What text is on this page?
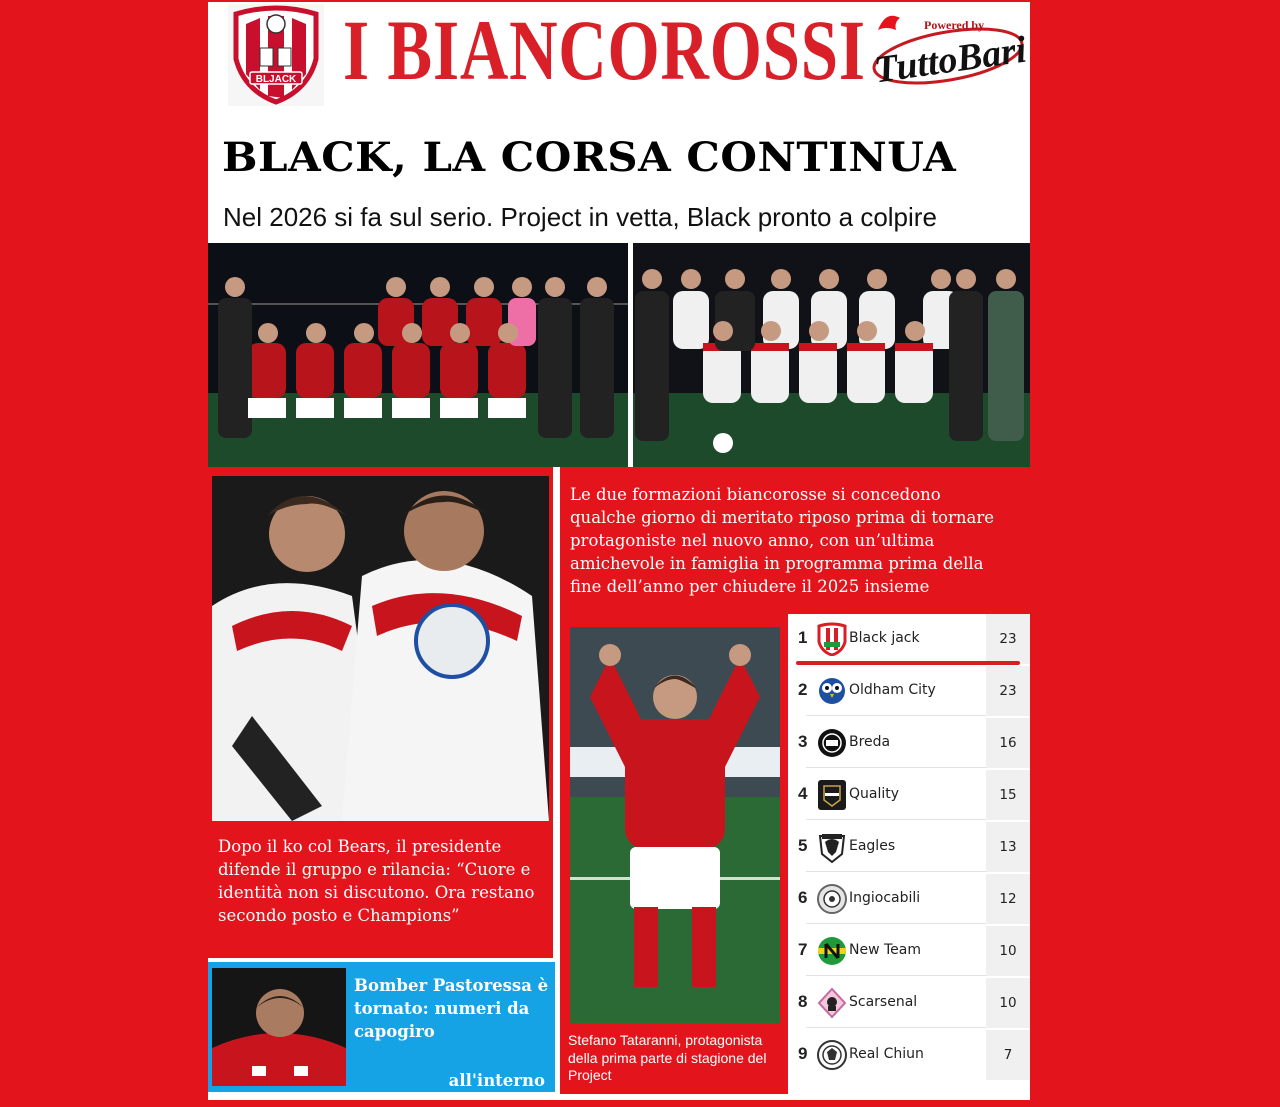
BLJACK I BIANCOROSSI	Powered by
TuttoBari
BLACK, LA CORSA CONTINUA
Nel 2026 si fa sul serio. Project in vetta, Black pronto a colpire
Dopo il ko col Bears, il presidente difende il gruppo e rilancia: “Cuore e identità non si discutono. Ora restano secondo posto e Champions”
Le due formazioni biancorosse si concedono
qualche giorno di meritato riposo prima di tornare
protagoniste nel nuovo anno, con un’ultima
amichevole in famiglia in programma prima della
fine dell’anno per chiudere il 2025 insieme
Stefano Tataranni, protagonista della prima parte di stagione del Project
Bomber Pastoressa è tornato: numeri da capogiro
all'interno
1	Black jack	23
2	Oldham City	23
3	Breda	16
4	Quality	15
5	Eagles	13
6	Ingiocabili	12
7	New Team	10
8	Scarsenal	10
9	Real Chiun	7
